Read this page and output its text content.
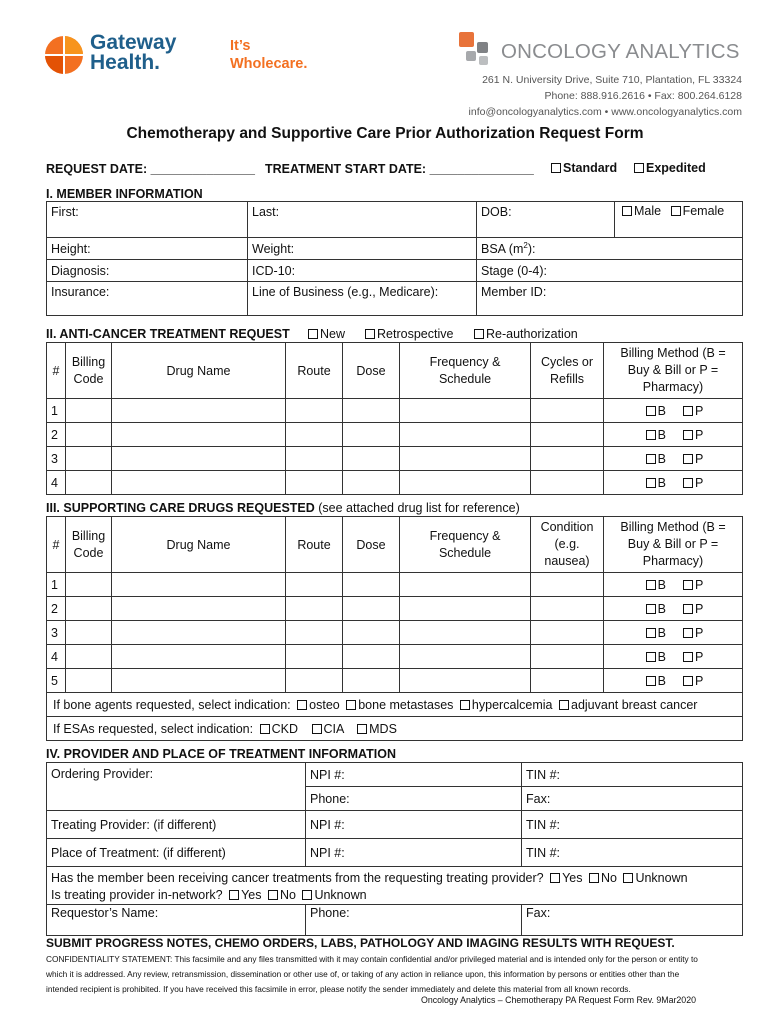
Gateway
Health.
It’s
Wholecare.
ONCOLOGY ANALYTICS
261 N. University Drive, Suite 710, Plantation, FL 33324
Phone: 888.916.2616 • Fax: 800.264.6128
info@oncologyanalytics.com • www.oncologyanalytics.com
Chemotherapy and Supportive Care Prior Authorization Request Form
REQUEST DATE: _______________ TREATMENT START DATE: _______________	Standard	Expedited
I. MEMBER INFORMATION
First:	Last:	DOB:	Male Female
Height:	Weight:	BSA $(m^2)$:	
Diagnosis:	ICD-10:	Stage (0-4):	
Insurance:	Line of Business (e.g., Medicare):	Member ID:	
II. ANTI-CANCER TREATMENT REQUEST	New	Retrospective	Re-authorization
#	Billing Code	Drug Name	Route	Dose	Frequency & Schedule	Cycles or Refills	Billing Method (B = Buy & Bill or P = Pharmacy)
1							B P
2							B P
3							B P
4							B P
III. SUPPORTING CARE DRUGS REQUESTED (see attached drug list for reference)
#	Billing Code	Drug Name	Route	Dose	Frequency & Schedule	Condition (e.g. nausea)	Billing Method (B = Buy & Bill or P = Pharmacy)
1							B P
2							B P
3							B P
4							B P
5							B P
If bone agents requested, select indication: osteo bone metastases hypercalcemia adjuvant breast cancer							
If ESAs requested, select indication: CKD CIA MDS							
IV. PROVIDER AND PLACE OF TREATMENT INFORMATION
Ordering Provider:	NPI #:	TIN #:
	Phone:	Fax:
Treating Provider: (if different)	NPI #:	TIN #:
Place of Treatment: (if different)	NPI #:	TIN #:

Has the member been receiving cancer treatments from the requesting treating provider? Yes No Unknown
Is treating provider in-network? Yes No Unknown		

Requestor’s Name:	Phone:	Fax:
SUBMIT PROGRESS NOTES, CHEMO ORDERS, LABS, PATHOLOGY AND IMAGING RESULTS WITH REQUEST.
CONFIDENTIALITY STATEMENT: This facsimile and any files transmitted with it may contain confidential and/or privileged material and is intended only for the person or entity to
which it is addressed. Any review, retransmission, dissemination or other use of, or taking of any action in reliance upon, this information by persons or entities other than the
intended recipient is prohibited. If you have received this facsimile in error, please notify the sender immediately and delete this material from all known records.
Oncology Analytics – Chemotherapy PA Request Form Rev. 9Mar2020
